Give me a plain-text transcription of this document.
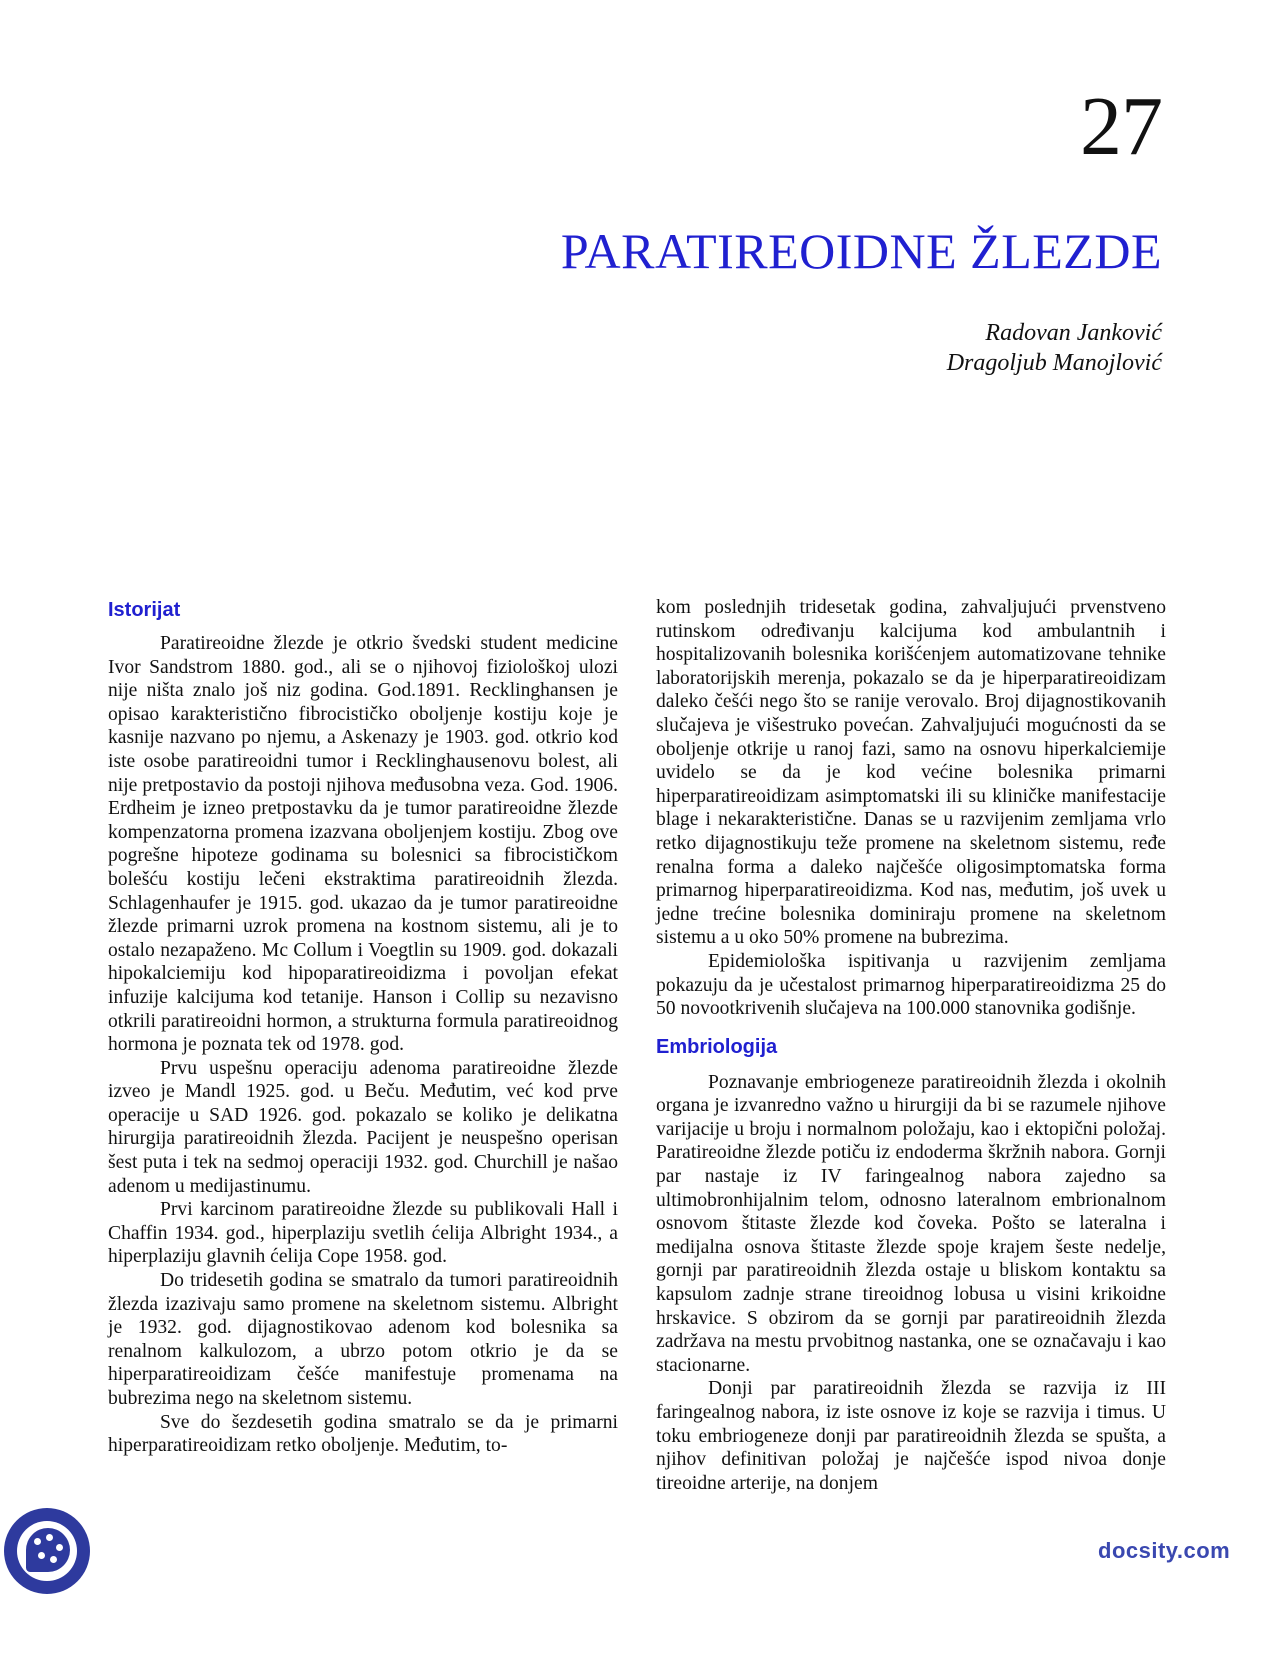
27
PARATIREOIDNE ŽLEZDE
Radovan Janković
Dragoljub Manojlović
Istorijat

Paratireoidne žlezde je otkrio švedski student medicine Ivor Sandstrom 1880. god., ali se o njihovoj fiziološkoj ulozi nije ništa znalo još niz godina. God.1891. Recklinghansen je opisao karakteristično fibrocističko oboljenje kostiju koje je kasnije nazvano po njemu, a Askenazy je 1903. god. otkrio kod iste osobe paratireoidni tumor i Recklinghausenovu bolest, ali nije pretpostavio da postoji njihova međusobna veza. God. 1906. Erdheim je izneo pretpostavku da je tumor paratireoidne žlezde kompenzatorna promena izazvana oboljenjem kostiju. Zbog ove pogrešne hipoteze godinama su bolesnici sa fibrocističkom bolešću kostiju lečeni ekstraktima paratireoidnih žlezda. Schlagenhaufer je 1915. god. ukazao da je tumor paratireoidne žlezde primarni uzrok promena na kostnom sistemu, ali je to ostalo nezapaženo. Mc Collum i Voegtlin su 1909. god. dokazali hipokalciemiju kod hipoparatireoidizma i povoljan efekat infuzije kalcijuma kod tetanije. Hanson i Collip su nezavisno otkrili paratireoidni hormon, a strukturna formula paratireoidnog hormona je poznata tek od 1978. god.

Prvu uspešnu operaciju adenoma paratireoidne žlezde izveo je Mandl 1925. god. u Beču. Međutim, već kod prve operacije u SAD 1926. god. pokazalo se koliko je delikatna hirurgija paratireoidnih žlezda. Pacijent je neuspešno operisan šest puta i tek na sedmoj operaciji 1932. god. Churchill je našao adenom u medijastinumu.

Prvi karcinom paratireoidne žlezde su publikovali Hall i Chaffin 1934. god., hiperplaziju svetlih ćelija Albright 1934., a hiperplaziju glavnih ćelija Cope 1958. god.

Do tridesetih godina se smatralo da tumori paratireoidnih žlezda izazivaju samo promene na skeletnom sistemu. Albright je 1932. god. dijagnostikovao adenom kod bolesnika sa renalnom kalkulozom, a ubrzo potom otkrio je da se hiperparatireoidizam češće manifestuje promenama na bubrezima nego na skeletnom sistemu.

Sve do šezdesetih godina smatralo se da je primarni hiperparatireoidizam retko oboljenje. Međutim, to-

kom poslednjih tridesetak godina, zahvaljujući prvenstveno rutinskom određivanju kalcijuma kod ambulantnih i hospitalizovanih bolesnika korišćenjem automatizovane tehnike laboratorijskih merenja, pokazalo se da je hiperparatireoidizam daleko češći nego što se ranije verovalo. Broj dijagnostikovanih slučajeva je višestruko povećan. Zahvaljujući mogućnosti da se oboljenje otkrije u ranoj fazi, samo na osnovu hiperkalciemije uvidelo se da je kod većine bolesnika primarni hiperparatireoidizam asimptomatski ili su kliničke manifestacije blage i nekarakteristične. Danas se u razvijenim zemljama vrlo retko dijagnostikuju teže promene na skeletnom sistemu, ređe renalna forma a daleko najčešće oligosimptomatska forma primarnog hiperparatireoidizma. Kod nas, međutim, još uvek u jedne trećine bolesnika dominiraju promene na skeletnom sistemu a u oko 50% promene na bubrezima.

Epidemiološka ispitivanja u razvijenim zemljama pokazuju da je učestalost primarnog hiperparatireoidizma 25 do 50 novootkrivenih slučajeva na 100.000 stanovnika godišnje.

Embriologija

Poznavanje embriogeneze paratireoidnih žlezda i okolnih organa je izvanredno važno u hirurgiji da bi se razumele njihove varijacije u broju i normalnom položaju, kao i ektopični položaj. Paratireoidne žlezde potiču iz endoderma škržnih nabora. Gornji par nastaje iz IV faringealnog nabora zajedno sa ultimobronhijalnim telom, odnosno lateralnom embrionalnom osnovom štitaste žlezde kod čoveka. Pošto se lateralna i medijalna osnova štitaste žlezde spoje krajem šeste nedelje, gornji par paratireoidnih žlezda ostaje u bliskom kontaktu sa kapsulom zadnje strane tireoidnog lobusa u visini krikoidne hrskavice. S obzirom da se gornji par paratireoidnih žlezda zadržava na mestu prvobitnog nastanka, one se označavaju i kao stacionarne.

Donji par paratireoidnih žlezda se razvija iz III faringealnog nabora, iz iste osnove iz koje se razvija i timus. U toku embriogeneze donji par paratireoidnih žlezda se spušta, a njihov definitivan položaj je najčešće ispod nivoa donje tireoidne arterije, na donjem

docsity.com
